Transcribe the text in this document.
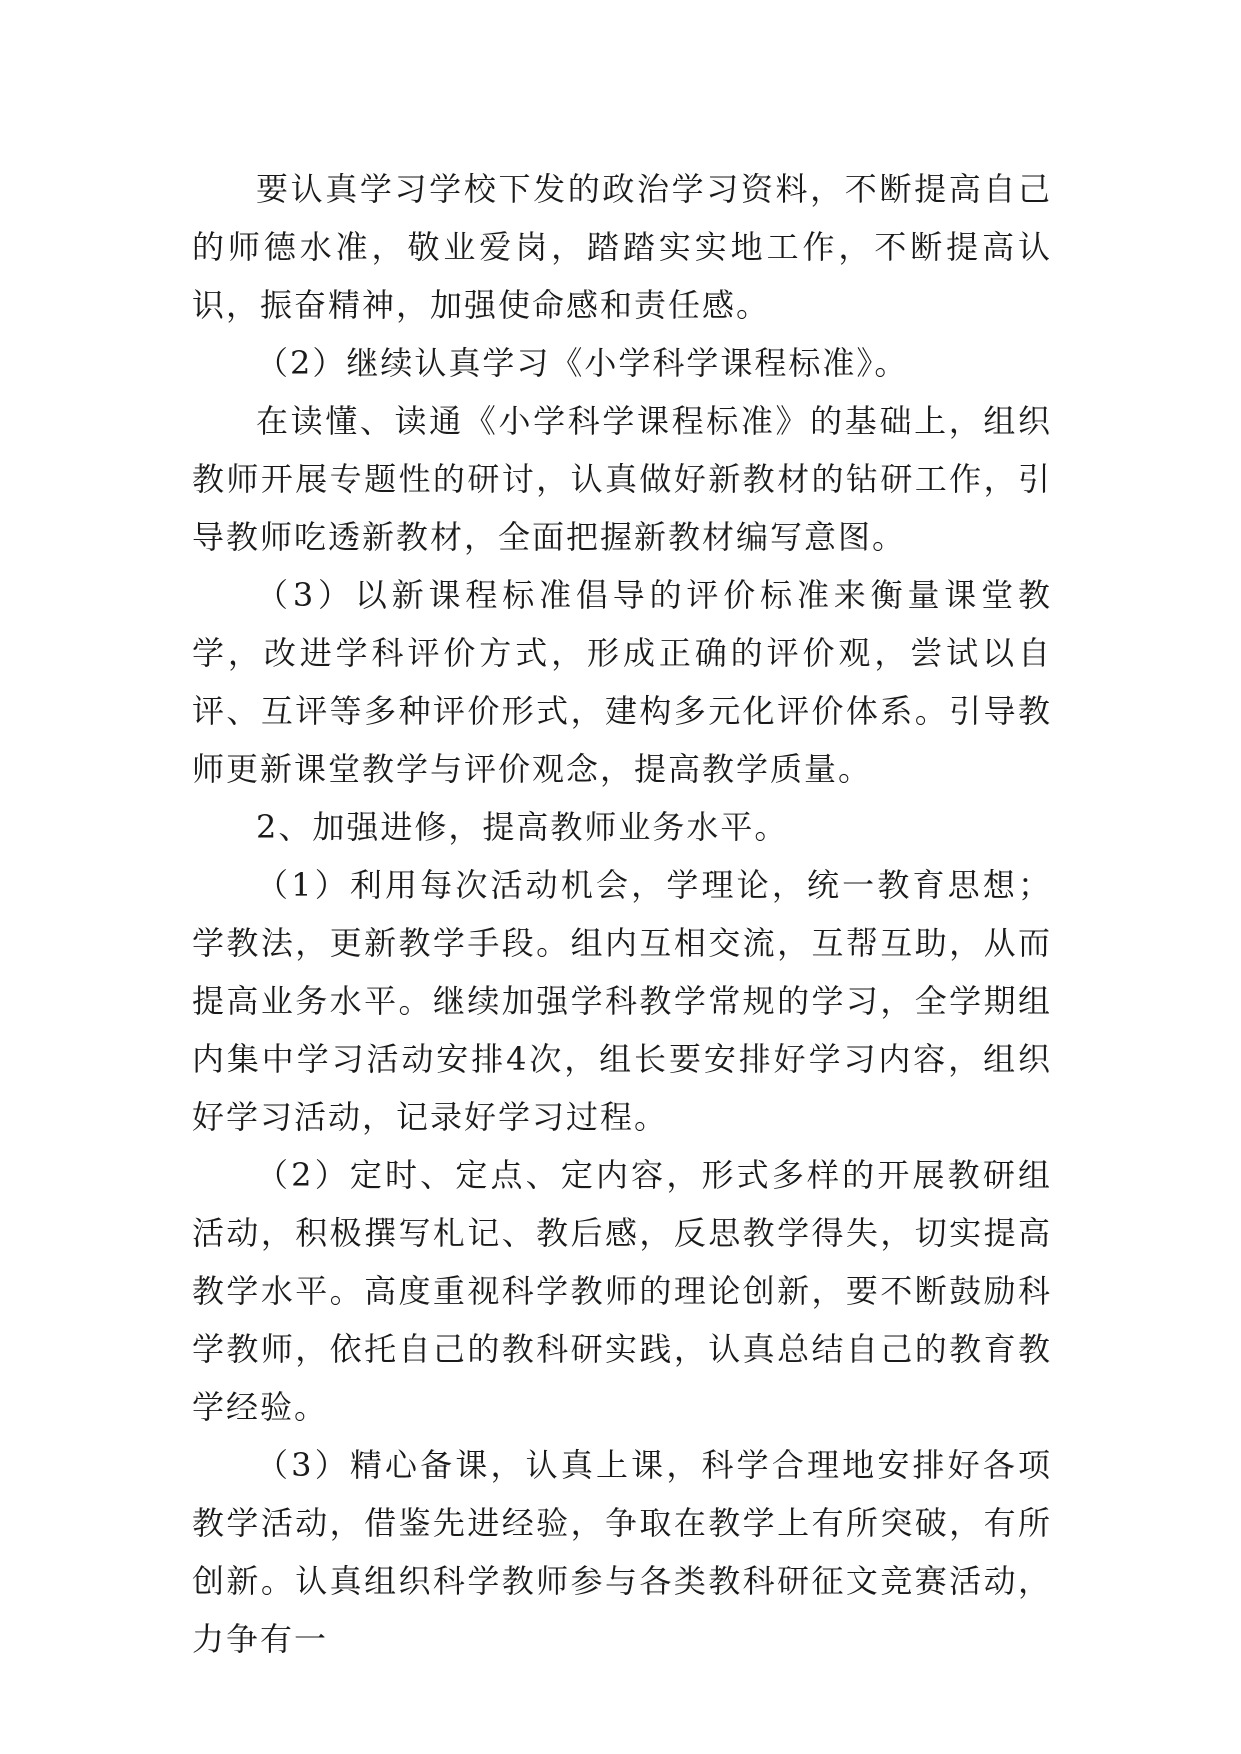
要认真学习学校下发的政治学习资料，不断提高自己的师德水准，敬业爱岗，踏踏实实地工作，不断提高认识，振奋精神，加强使命感和责任感。

（2）继续认真学习《小学科学课程标准》。

在读懂、读通《小学科学课程标准》的基础上，组织教师开展专题性的研讨，认真做好新教材的钻研工作，引导教师吃透新教材，全面把握新教材编写意图。

（3）以新课程标准倡导的评价标准来衡量课堂教学，改进学科评价方式，形成正确的评价观，尝试以自评、互评等多种评价形式，建构多元化评价体系。引导教师更新课堂教学与评价观念，提高教学质量。

2、加强进修，提高教师业务水平。

（1）利用每次活动机会，学理论，统一教育思想；学教法，更新教学手段。组内互相交流，互帮互助，从而提高业务水平。继续加强学科教学常规的学习，全学期组内集中学习活动安排4次，组长要安排好学习内容，组织好学习活动，记录好学习过程。

（2）定时、定点、定内容，形式多样的开展教研组活动，积极撰写札记、教后感，反思教学得失，切实提高教学水平。高度重视科学教师的理论创新，要不断鼓励科学教师，依托自己的教科研实践，认真总结自己的教育教学经验。

（3）精心备课，认真上课，科学合理地安排好各项教学活动，借鉴先进经验，争取在教学上有所突破，有所创新。认真组织科学教师参与各类教科研征文竞赛活动，力争有一
